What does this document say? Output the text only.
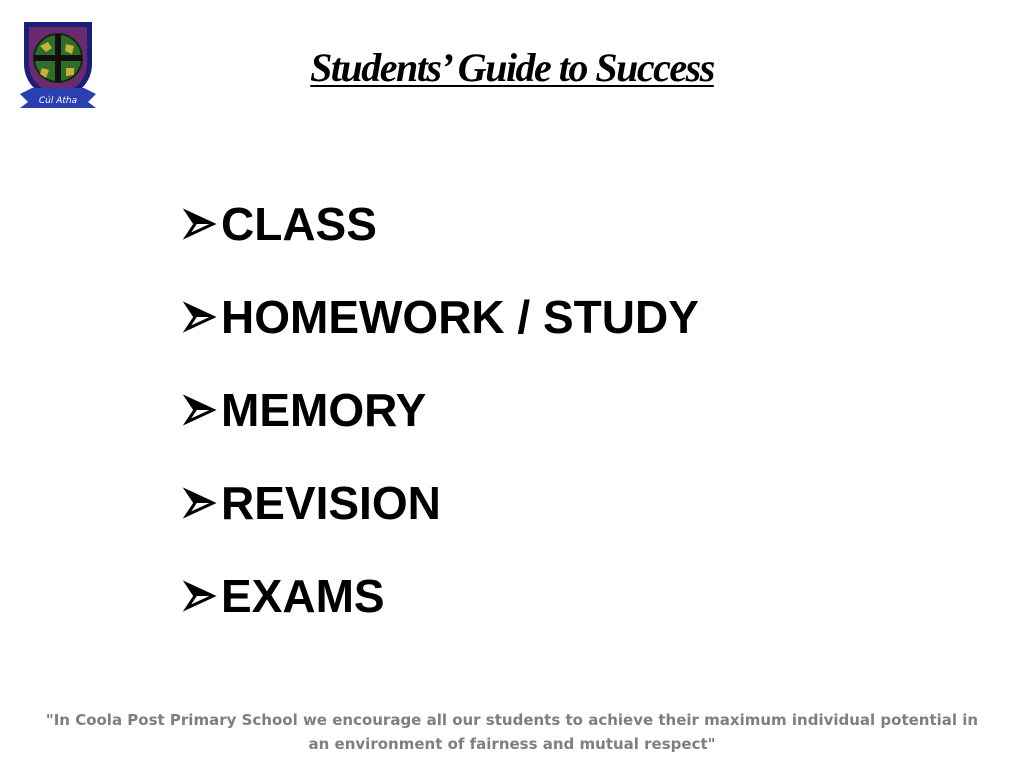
Cúl Atha
Students’ Guide to Success
CLASS
HOMEWORK / STUDY
MEMORY
REVISION
EXAMS
"In Coola Post Primary School we encourage all our students to achieve their maximum individual potential in an environment of fairness and mutual respect"
